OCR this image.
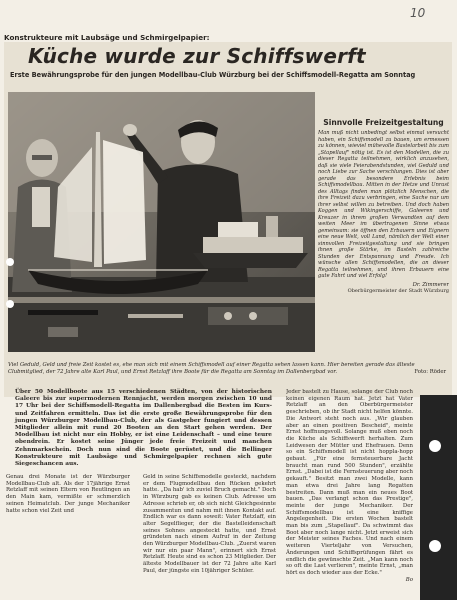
10
Konstrukteure mit Laubsäge und Schmirgelpapier:
Küche wurde zur Schiffswerft
Erste Bewährungsprobe für den jungen Modellbau-Club Würzburg bei der Schiffsmodell-Regatta am Sonntag
Sinnvolle Freizeitgestaltung
Man muß nicht unbedingt selbst einmal versucht haben, ein Schiffsmodell zu bauen, um ermessen zu können, wieviel mühevolle Bastelarbeit bis zum „Stapellauf" nötig ist. Es ist den Modellen, die zu dieser Regatta teilnehmen, wirklich anzusehen, daß sie viele Feierabendstunden, viel Geduld und noch Liebe zur Sache verschlungen. Dies ist aber gerade das besondere Erlebnis beim Schiffsmodellbau. Mitten in der Hetze und Unrast des Alltags finden man plötzlich Menschen, die ihre Freizeit dazu verbringen, eine Sache nur um ihrer selbst willen zu betreiben. Und doch haben Koggen und Wikingerschiffe, Galeeren und Kreuzer in ihrem großen Verwandten auf dem weiten Meer im übertragenen Sinne etwas gemeinsam: sie öffnen den Erbauern und Eignern eine neue Welt, voll Land, nämlich der Welt einer sinnvollen Freizeitgestaltung und sie bringen ihnen große Stärke, im Basteln zahlreiche Stunden der Entspannung und Freude. Ich wünsche allen Schiffsmodellen, die an dieser Regatta teilnehmen, und ihren Erbauern eine gute Fahrt und viel Erfolg!
Dr. Zimmerer
Oberbürgermeister der Stadt Würzburg
Viel Geduld, Geld und freie Zeit kostet es, ehe man sich mit einem Schiffsmodell auf einer Regatta sehen lassen kann. Hier bereiten gerade das älteste Clubmitglied, der 72 Jahre alte Karl Paul, und Ernst Retzlaff ihre Boote für die Regatta am Sonntag im Dallenbergbad vor.	Foto: Röder
Über 50 Modellboote aus 15 verschiedenen Städten, von der historischen Galeere bis zur supermodernen Rennjacht, werden morgen zwischen 10 und 17 Uhr bei der Schiffsmodell-Regatta im Dallenbergbad die Besten im Kurs- und Zeitfahren ermitteln. Das ist die erste große Bewährungsprobe für den jungen Würzburger Modellbau-Club, der als Gastgeber fungiert und dessen Mitglieder allein mit rund 20 Booten an den Start gehen werden. Der Modellbau ist nicht nur ein Hobby, er ist eine Leidenschaft – und eine teure obendrein. Er kostet seine Jünger jede freie Freizeit und manchen Zehnmarkschein. Doch nun sind die Boote gerüstet, und die Bellinger Konstrukteure mit Laubsäge und Schmirgelpapier rechnen sich gute Siegeschancen aus.
Genau drei Monate ist der Würzburger Modellbau-Club alt. Als der 17jährige Ernst Retzlaff mit seinen Eltern von Reutlingen an den Main kam, vermißte er schmerzlich seinen Heimatclub. Der junge Mechaniker hatte schon viel Zeit und
Geld in seine Schiffsmodelle gesteckt, nachdem er dem Flugmodellbau den Rücken gekehrt hatte. „Da hab' ich zuviel Bruch gemacht." Doch in Würzburg gab es keinen Club. Adresse um Adresse schrieb er, ob sich nicht Gleichgesinnte zusammentun und nahm mit ihnen Kontakt auf. Endlich war es dann soweit: Vater Retzlaff, ein alter Segelflieger, der die Bastelleidenschaft seines Sohnes angesteckt hatte, und Ernst gründeten nach einem Aufruf in der Zeitung den Würzburger Modellbau-Club. „Zuerst waren wir nur ein paar Mann", erinnert sich Ernst Retzlaff. Heute sind es schon 23 Mitglieder. Der älteste Modellbauer ist der 72 Jahre alte Karl Paul, der jüngste ein 10jähriger Schüler.
Jeder bastelt zu Hause, solange der Club noch keinen eigenen Raum hat. Jetzt hat Vater Retzlaff an den Oberbürgermeister geschrieben, ob ihr Stadt nicht helfen könnte. Die Antwort steht noch aus. „Wir glauben aber an einen positiven Bescheid", meinte Ernst hoffnungsvoll. Solange muß eben noch die Küche als Schiffswerft herhalten. Zum Leidwesen der Mütter und Ehefrauen. Denn so ein Schiffsmodell ist nicht hoppla-hopp gebaut. „Für eine fernsteuerbare Jacht braucht man rund 500 Stunden", erzählte Ernst. „Dabei ist die Fernsteuerung aber noch gekauft." Besitzt man zwei Modelle, kann man etwa drei Jahre lang Regatten bestreiten. Dann muß man ein neues Boot bauen. „Das verlangt schon das Prestige", meinte der junge Mechaniker. Der Schiffsmodellbau ist eine kniffige Angelegenheit. Die ersten Wochen bastelt man bis zum „Stapellauf". Da schwimmt das Boot aber noch lange nicht. Jetzt erweist sich der Meister seines Faches. Und nach einem weiteren Vierteljahr von Versuchen, Änderungen und Schiffsprüfungen fährt es endlich die gewünschte Zeit. „Man kann noch so oft die Last verlieren", meinte Ernst, „man hört es doch wieder aus der Ecke."
Bo
